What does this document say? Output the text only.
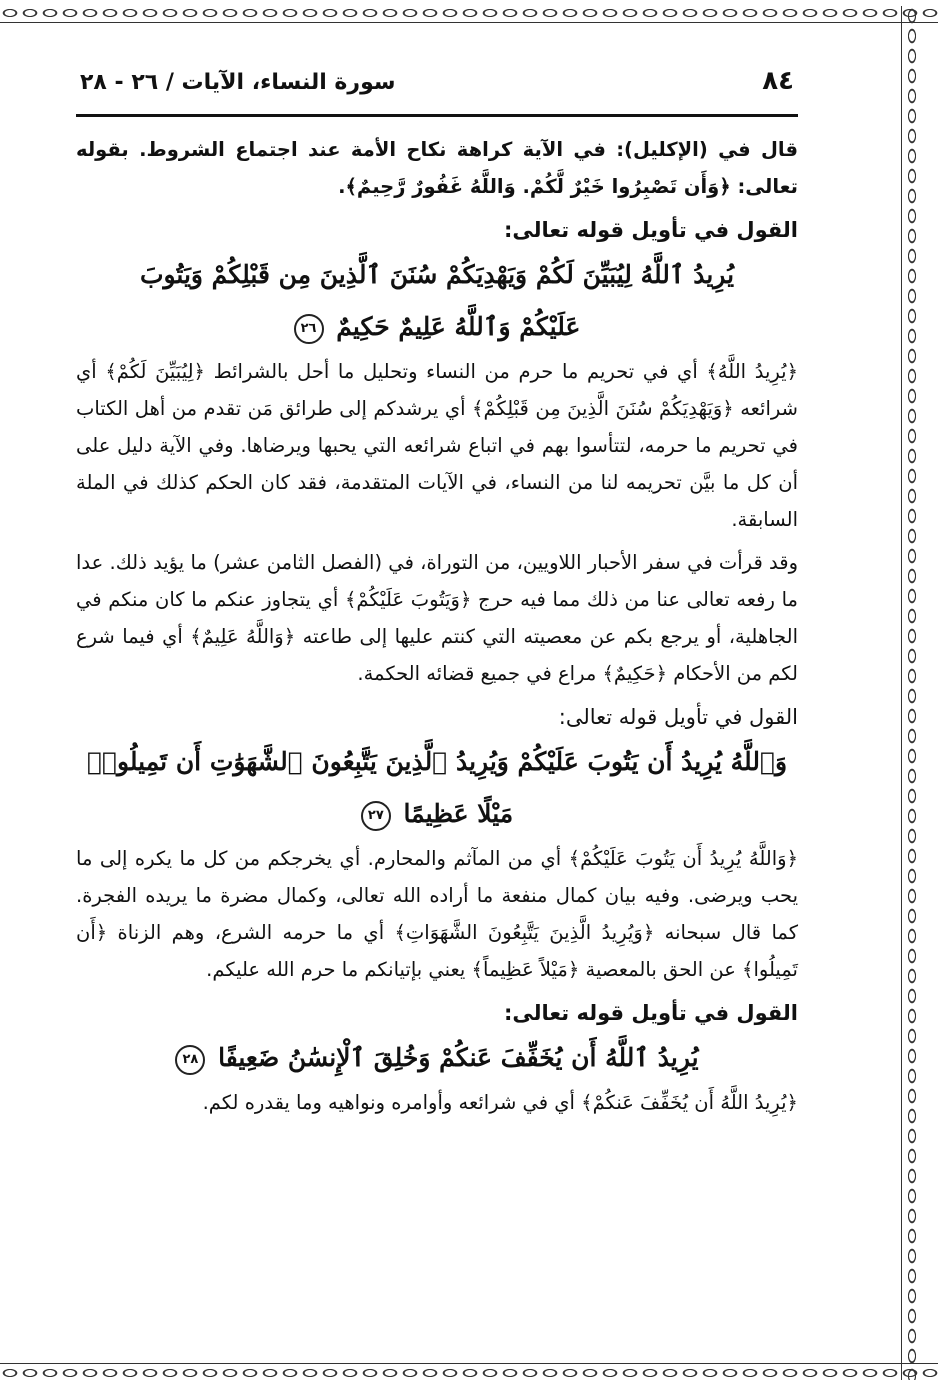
٨٤
سورة النساء، الآيات / ٢٦ - ٢٨

قال في (الإكليل): في الآية كراهة نكاح الأمة عند اجتماع الشروط. بقوله تعالى: ﴿وَأَن تَصْبِرُوا خَيْرٌ لَّكُمْ. وَاللَّهُ غَفُورٌ رَّحِيمٌ﴾.

القول في تأويل قوله تعالى:

يُرِيدُ ٱللَّهُ لِيُبَيِّنَ لَكُمْ وَيَهْدِيَكُمْ سُنَنَ ٱلَّذِينَ مِن قَبْلِكُمْ وَيَتُوبَ

عَلَيْكُمْ وَٱللَّهُ عَلِيمٌ حَكِيمٌ ٢٦

﴿يُرِيدُ اللَّهُ﴾ أي في تحريم ما حرم من النساء وتحليل ما أحل بالشرائط ﴿لِيُبَيِّنَ لَكُمْ﴾ أي شرائعه ﴿وَيَهْدِيَكُمْ سُنَنَ الَّذِينَ مِن قَبْلِكُمْ﴾ أي يرشدكم إلى طرائق مَن تقدم من أهل الكتاب في تحريم ما حرمه، لتتأسوا بهم في اتباع شرائعه التي يحبها ويرضاها. وفي الآية دليل على أن كل ما بيَّن تحريمه لنا من النساء، في الآيات المتقدمة، فقد كان الحكم كذلك في الملة السابقة.

وقد قرأت في سفر الأحبار اللاويين، من التوراة، في (الفصل الثامن عشر) ما يؤيد ذلك. عدا ما رفعه تعالى عنا من ذلك مما فيه حرج ﴿وَيَتُوبَ عَلَيْكُمْ﴾ أي يتجاوز عنكم ما كان منكم في الجاهلية، أو يرجع بكم عن معصيته التي كنتم عليها إلى طاعته ﴿وَاللَّهُ عَلِيمٌ﴾ أي فيما شرع لكم من الأحكام ﴿حَكِيمٌ﴾ مراع في جميع قضائه الحكمة.

القول في تأويل قوله تعالى:

وَٱللَّهُ يُرِيدُ أَن يَتُوبَ عَلَيْكُمْ وَيُرِيدُ ٱلَّذِينَ يَتَّبِعُونَ ٱلشَّهَوَٰتِ أَن تَمِيلُوا۟

مَيْلًا عَظِيمًا ٢٧

﴿وَاللَّهُ يُرِيدُ أَن يَتُوبَ عَلَيْكُمْ﴾ أي من المآثم والمحارم. أي يخرجكم من كل ما يكره إلى ما يحب ويرضى. وفيه بيان كمال منفعة ما أراده الله تعالى، وكمال مضرة ما يريده الفجرة. كما قال سبحانه ﴿وَيُرِيدُ الَّذِينَ يَتَّبِعُونَ الشَّهَوَاتِ﴾ أي ما حرمه الشرع، وهم الزناة ﴿أَن تَمِيلُوا﴾ عن الحق بالمعصية ﴿مَيْلاً عَظِيماً﴾ يعني بإتيانكم ما حرم الله عليكم.

القول في تأويل قوله تعالى:

يُرِيدُ ٱللَّهُ أَن يُخَفِّفَ عَنكُمْ وَخُلِقَ ٱلْإِنسَٰنُ ضَعِيفًا ٢٨

﴿يُرِيدُ اللَّهُ أَن يُخَفِّفَ عَنكُمْ﴾ أي في شرائعه وأوامره ونواهيه وما يقدره لكم.
